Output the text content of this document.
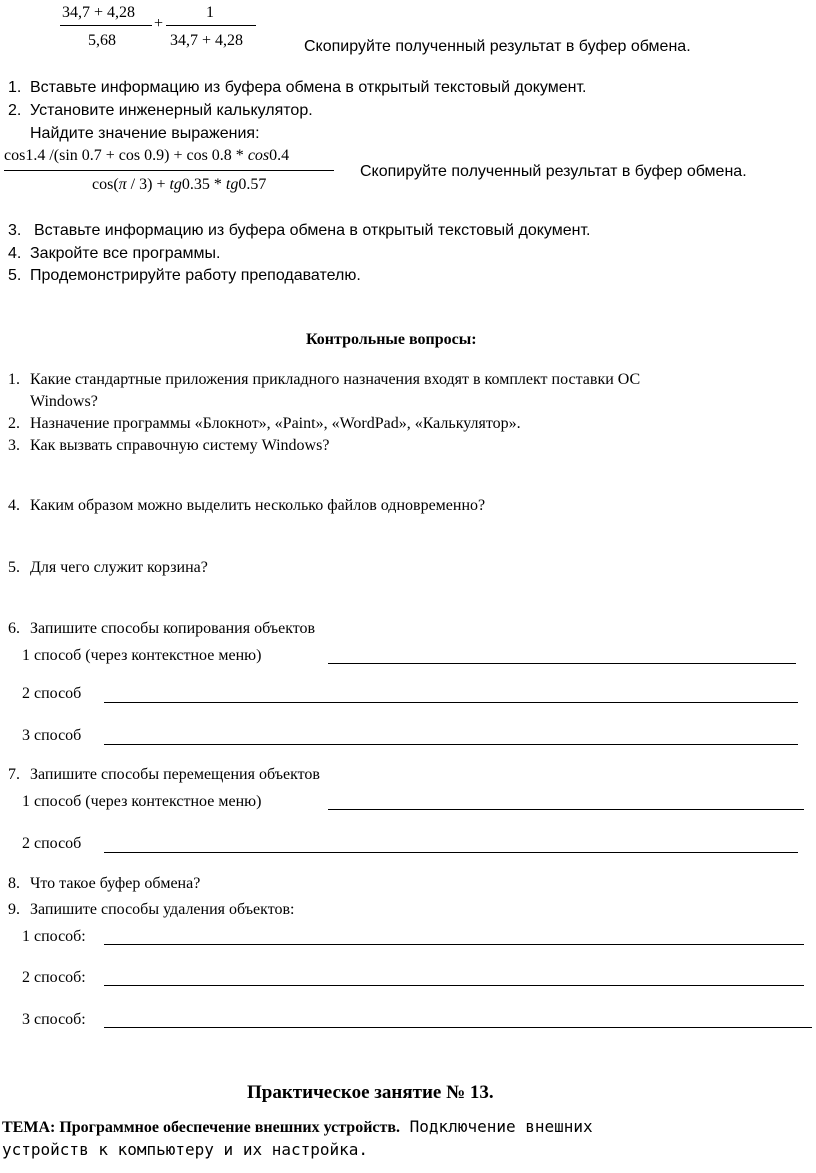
34,7 + 4,28
5,68
+
1
34,7 + 4,28	Скопируйте полученный результат в буфер обмена.
1. Вставьте информацию из буфера обмена в открытый текстовый документ.
2. Установите инженерный калькулятор.
Найдите значение выражения:
cos1.4 /(sin 0.7 + cos 0.9) + cos 0.8 * cos0.4
cos(π / 3) + tg0.35 * tg0.57
Скопируйте полученный результат в буфер обмена.
3. Вставьте информацию из буфера обмена в открытый текстовый документ.
4. Закройте все программы.
5. Продемонстрируйте работу преподавателю.
Контрольные вопросы:
1. Какие стандартные приложения прикладного назначения входят в комплект поставки ОС
Windows?
2. Назначение программы «Блокнот», «Paint», «WordPad», «Калькулятор».
3. Как вызвать справочную систему Windows?
4. Каким образом можно выделить несколько файлов одновременно?
5. Для чего служит корзина?
6. Запишите способы копирования объектов
1 способ (через контекстное меню)
2 способ
3 способ
7. Запишите способы перемещения объектов
1 способ (через контекстное меню)
2 способ
8. Что такое буфер обмена?
9. Запишите способы удаления объектов:
1 способ:
2 способ:
3 способ:
Практическое занятие № 13.
ТЕМА: Программное обеспечение внешних устройств. Подключение внешних
устройств к компьютеру и их настройка.
